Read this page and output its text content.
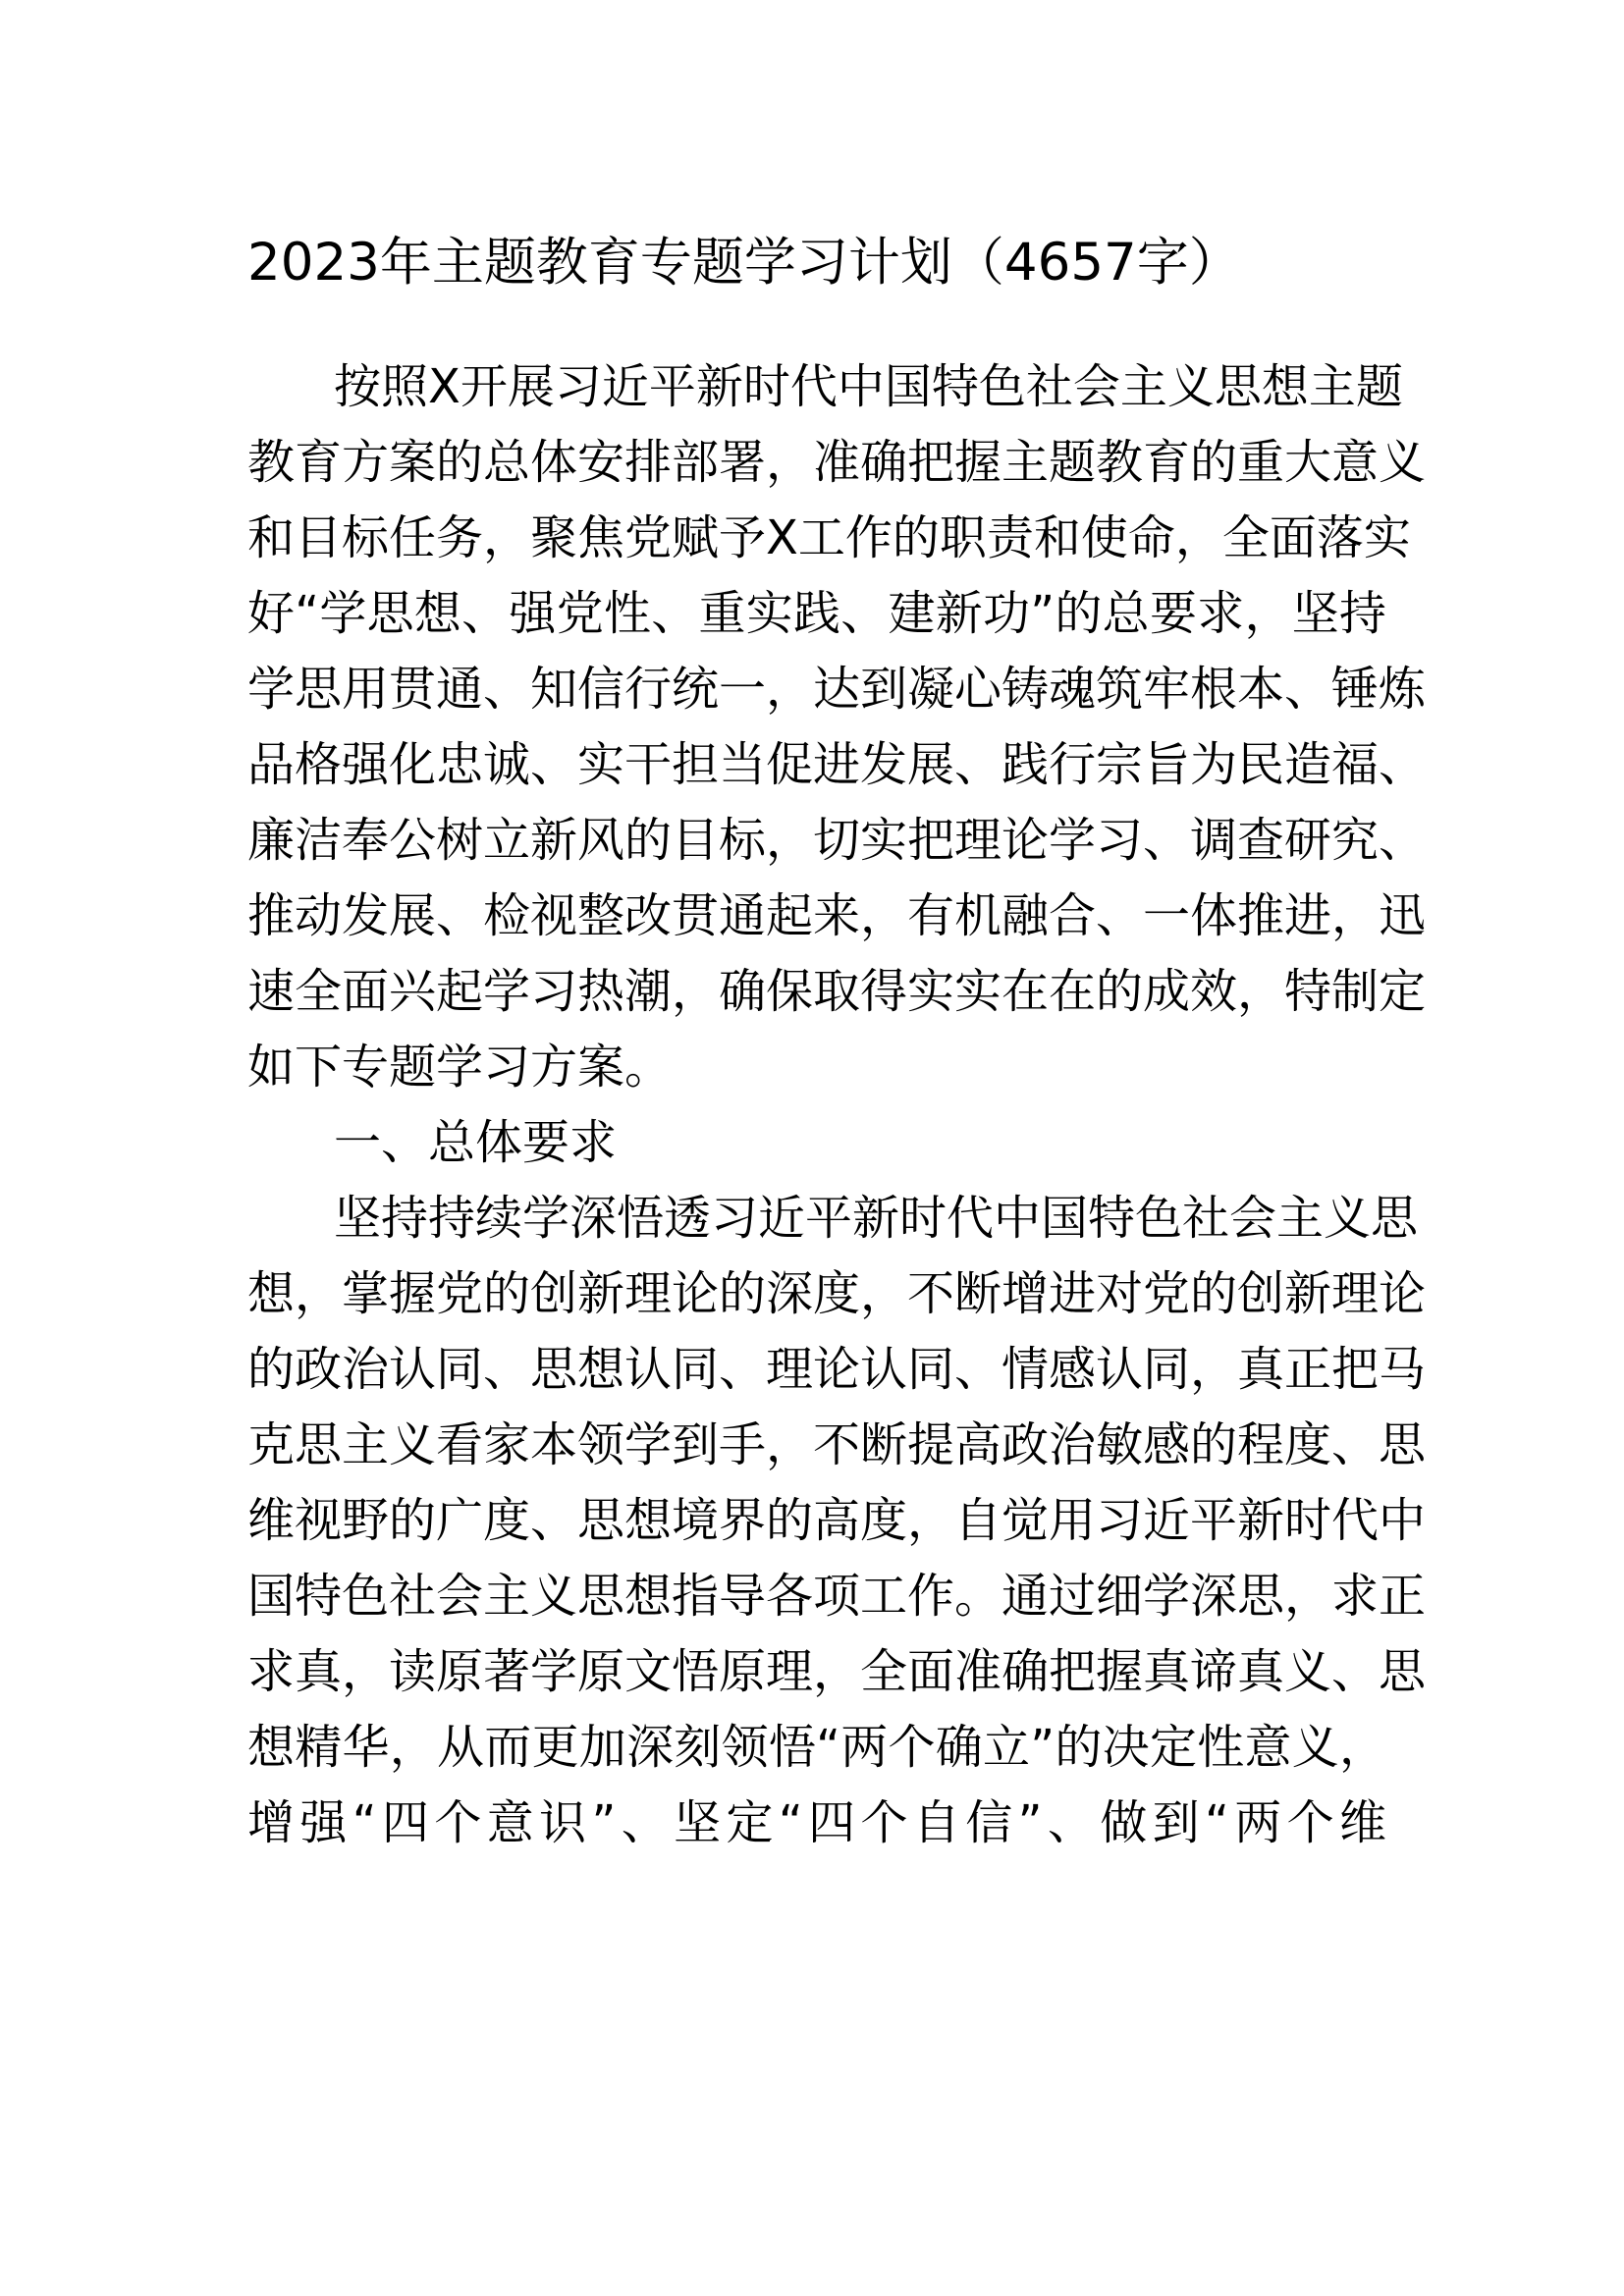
2023年主题教育专题学习计划（4657字）
按照X开展习近平新时代中国特色社会主义思想主题
教育方案的总体安排部署，准确把握主题教育的重大意义
和目标任务，聚焦党赋予X工作的职责和使命，全面落实
好“学思想、强党性、重实践、建新功”的总要求，坚持
学思用贯通、知信行统一，达到凝心铸魂筑牢根本、锤炼
品格强化忠诚、实干担当促进发展、践行宗旨为民造福、
廉洁奉公树立新风的目标，切实把理论学习、调查研究、
推动发展、检视整改贯通起来，有机融合、一体推进，迅
速全面兴起学习热潮，确保取得实实在在的成效，特制定
如下专题学习方案。
一、总体要求
坚持持续学深悟透习近平新时代中国特色社会主义思
想，掌握党的创新理论的深度，不断增进对党的创新理论
的政治认同、思想认同、理论认同、情感认同，真正把马
克思主义看家本领学到手，不断提高政治敏感的程度、思
维视野的广度、思想境界的高度，自觉用习近平新时代中
国特色社会主义思想指导各项工作。通过细学深思，求正
求真，读原著学原文悟原理，全面准确把握真谛真义、思
想精华，从而更加深刻领悟“两个确立”的决定性意义，
增强“四个意识”、坚定“四个自信”、做到“两个维
